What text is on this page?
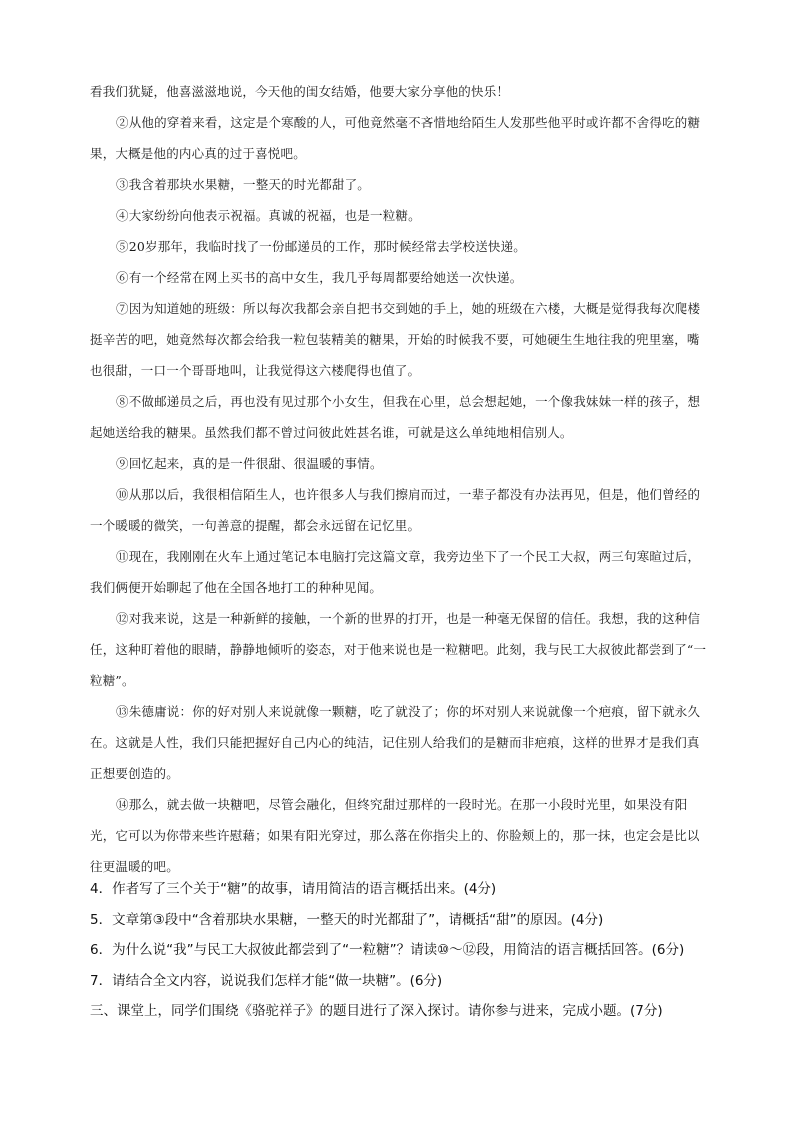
看我们犹疑，他喜滋滋地说，今天他的闺女结婚，他要大家分享他的快乐！

②从他的穿着来看，这定是个寒酸的人，可他竟然毫不吝惜地给陌生人发那些他平时或许都不舍得吃的糖果，大概是他的内心真的过于喜悦吧。

③我含着那块水果糖，一整天的时光都甜了。

④大家纷纷向他表示祝福。真诚的祝福，也是一粒糖。

⑤20岁那年，我临时找了一份邮递员的工作，那时候经常去学校送快递。

⑥有一个经常在网上买书的高中女生，我几乎每周都要给她送一次快递。

⑦因为知道她的班级：所以每次我都会亲自把书交到她的手上，她的班级在六楼，大概是觉得我每次爬楼挺辛苦的吧，她竟然每次都会给我一粒包装精美的糖果，开始的时候我不要，可她硬生生地往我的兜里塞，嘴也很甜，一口一个哥哥地叫，让我觉得这六楼爬得也值了。

⑧不做邮递员之后，再也没有见过那个小女生，但我在心里，总会想起她，一个像我妹妹一样的孩子，想起她送给我的糖果。虽然我们都不曾过问彼此姓甚名谁，可就是这么单纯地相信别人。

⑨回忆起来，真的是一件很甜、很温暖的事情。

⑩从那以后，我很相信陌生人，也许很多人与我们擦肩而过，一辈子都没有办法再见，但是，他们曾经的一个暖暖的微笑，一句善意的提醒，都会永远留在记忆里。

⑪现在，我刚刚在火车上通过笔记本电脑打完这篇文章，我旁边坐下了一个民工大叔，两三句寒暄过后，我们俩便开始聊起了他在全国各地打工的种种见闻。

⑫对我来说，这是一种新鲜的接触，一个新的世界的打开，也是一种毫无保留的信任。我想，我的这种信任，这种盯着他的眼睛，静静地倾听的姿态，对于他来说也是一粒糖吧。此刻，我与民工大叔彼此都尝到了“一粒糖”。

⑬朱德庸说：你的好对别人来说就像一颗糖，吃了就没了；你的坏对别人来说就像一个疤痕，留下就永久在。这就是人性，我们只能把握好自己内心的纯洁，记住别人给我们的是糖而非疤痕，这样的世界才是我们真正想要创造的。

⑭那么，就去做一块糖吧，尽管会融化，但终究甜过那样的一段时光。在那一小段时光里，如果没有阳光，它可以为你带来些许慰藉；如果有阳光穿过，那么落在你指尖上的、你脸颊上的，那一抹，也定会是比以往更温暖的吧。

4．作者写了三个关于“糖”的故事，请用简洁的语言概括出来。(4分)

5．文章第③段中“含着那块水果糖，一整天的时光都甜了”，请概括“甜”的原因。(4分)

6．为什么说“我”与民工大叔彼此都尝到了“一粒糖”？请读⑩～⑫段，用简洁的语言概括回答。(6分)

7．请结合全文内容，说说我们怎样才能“做一块糖”。(6分)

三、课堂上，同学们围绕《骆驼祥子》的题目进行了深入探讨。请你参与进来，完成小题。(7分)
